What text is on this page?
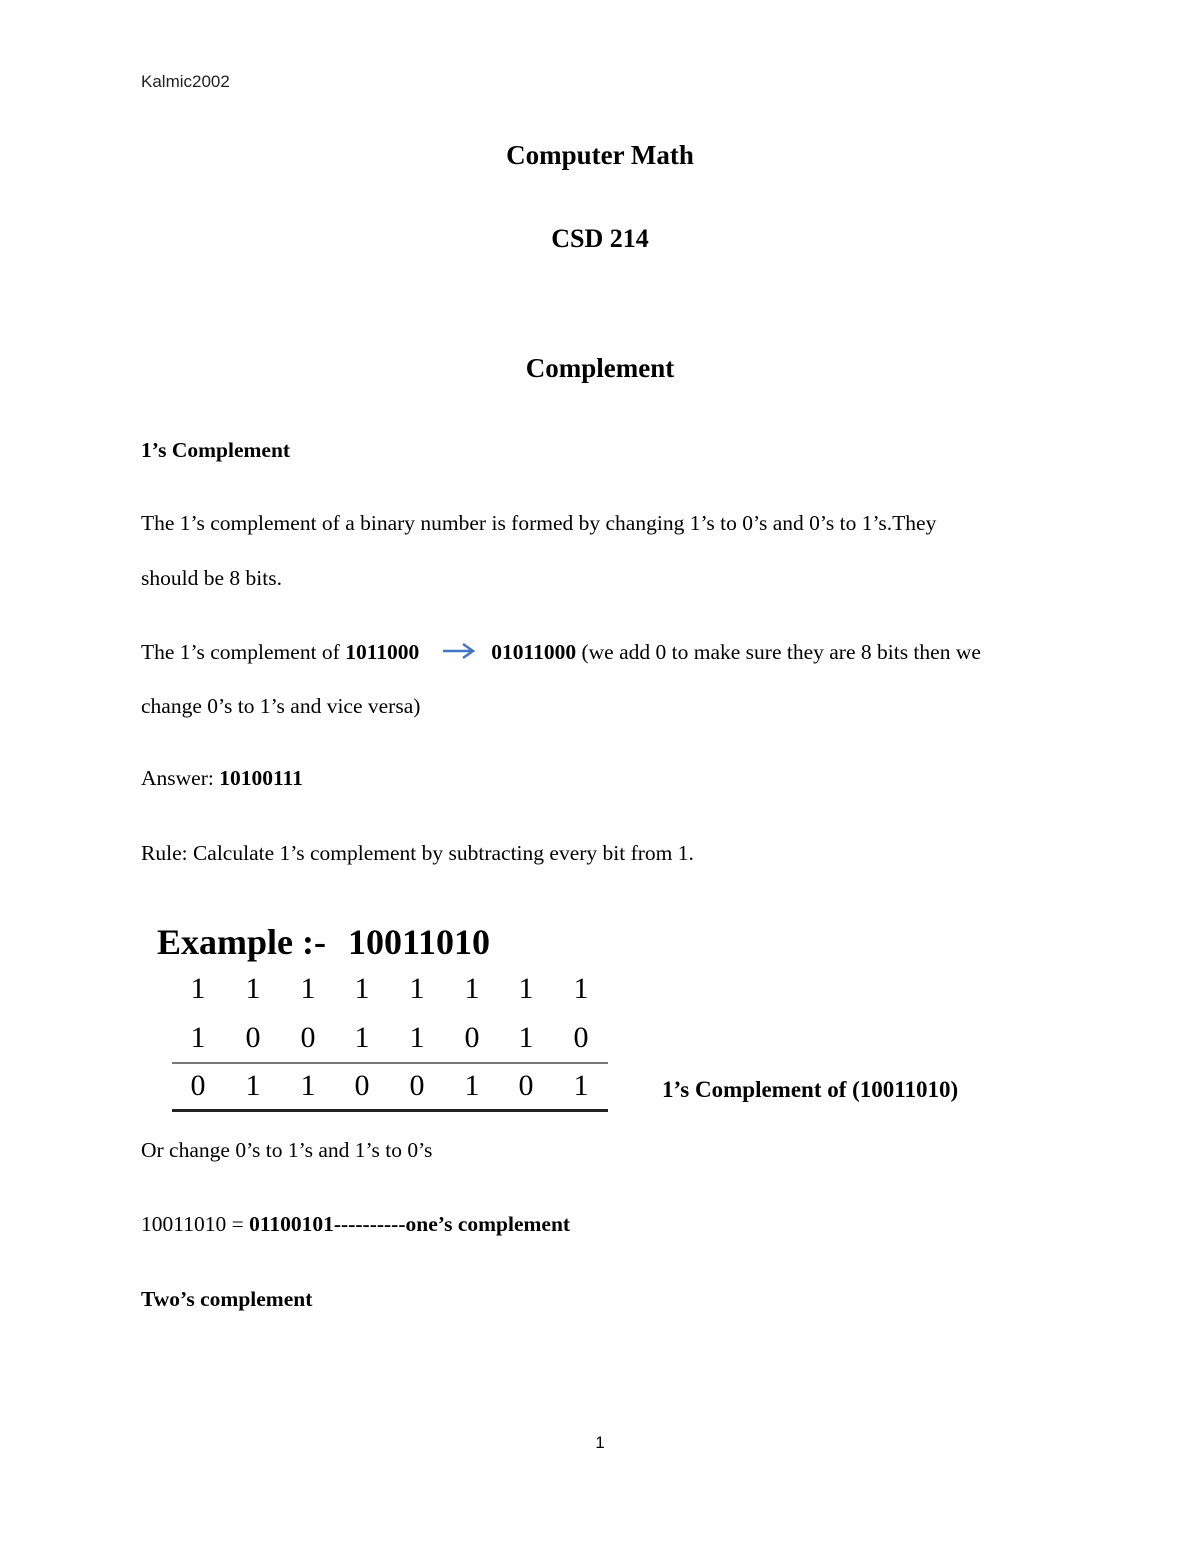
Kalmic2002
Computer Math
CSD 214
Complement
1’s Complement
The 1’s complement of a binary number is formed by changing 1’s to 0’s and 0’s to 1’s.They
should be 8 bits.
The 1’s complement of 1011000	01011000 (we add 0 to make sure they are 8 bits then we
change 0’s to 1’s and vice versa)
Answer: 10100111
Rule: Calculate 1’s complement by subtracting every bit from 1.
Example :- 10011010
1 1 1 1 1 1 1 1
1 0 0 1 1 0 1 0
0 1 1 0 0 1 0 1	1’s Complement of (10011010)
Or change 0’s to 1’s and 1’s to 0’s
10011010 = 01100101----------one’s complement
Two’s complement
1
